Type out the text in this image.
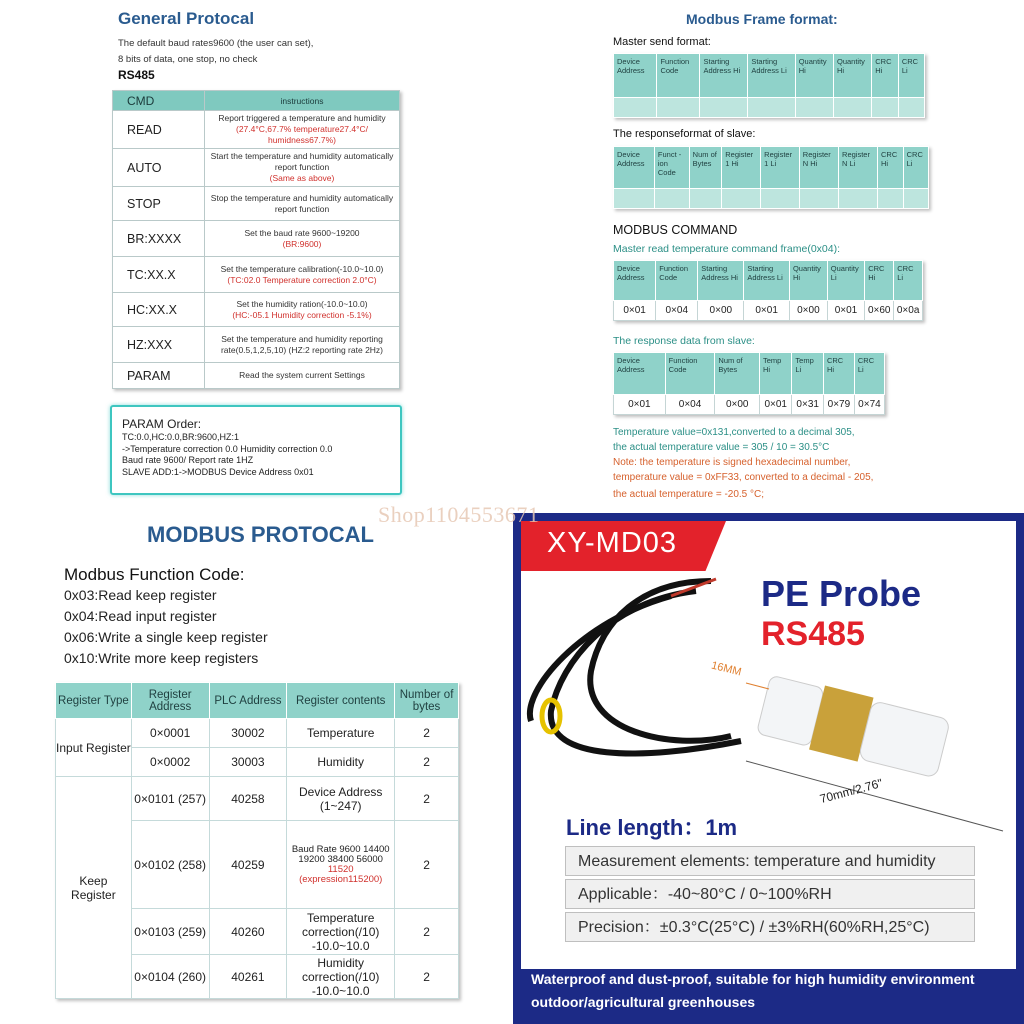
General Protocal
The default baud rates9600 (the user can set),
8 bits of data, one stop, no check
RS485
CMD	instructions
READ	Report triggered a temperature and humidity
(27.4°C,67.7% temperature27.4°C/ humidness67.7%)

AUTO	Start the temperature and humidity automatically report function
(Same as above)

STOP	Stop the temperature and humidity automatically report function
BR:XXXX	Set the baud rate 9600~19200
(BR:9600)

TC:XX.X	Set the temperature calibration(-10.0~10.0)
(TC:02.0 Temperature correction 2.0°C)

HC:XX.X	Set the humidity ration(-10.0~10.0)
(HC:-05.1 Humidity correction -5.1%)

HZ:XXX	Set the temperature and humidity reporting rate(0.5,1,2,5,10) (HZ:2 reporting rate 2Hz)
PARAM	Read the system current Settings
PARAM Order:
TC:0.0,HC:0.0,BR:9600,HZ:1
->Temperature correction 0.0 Humidity correction 0.0
Baud rate 9600/ Report rate 1HZ
SLAVE ADD:1->MODBUS Device Address 0x01
Modbus Frame format:
Master send format:
Device Address	Function Code	Starting Address Hi	Starting Address Li	Quantity Hi	Quantity Hi	CRC Hi	CRC Li

The responseformat of slave:
Device Address	Funct -ion Code	Num of Bytes	Register 1 Hi	Register 1 Li	Register N Hi	Register N Li	CRC Hi	CRC Li

MODBUS COMMAND
Master read temperature command frame(0x04):
Device Address	Function Code	Starting Address Hi	Starting Address Li	Quantity Hi	Quantity Li	CRC Hi	CRC Li
0×01	0×04	0×00	0×01	0×00	0×01	0×60	0×0a
The response data from slave:
Device Address	Function Code	Num of Bytes	Temp Hi	Temp Li	CRC Hi	CRC Li
0×01	0×04	0×00	0×01	0×31	0×79	0×74
Temperature value=0x131,converted to a decimal 305,
the actual temperature value = 305 / 10 = 30.5°C
Note: the temperature is signed hexadecimal number,
temperature value = 0xFF33, converted to a decimal - 205,
the actual temperature = -20.5 °C;
MODBUS PROTOCAL
Modbus Function Code:
0x03:Read keep register
0x04:Read input register
0x06:Write a single keep register
0x10:Write more keep registers
Register Type	Register Address	PLC Address	Register contents	Number of bytes
Input Register	0×0001	30002	Temperature	2
	0×0002	30003	Humidity	2
Keep Register	0×0101 (257)	40258	Device Address (1~247)	2
	0×0102 (258)	40259	Baud Rate 9600 14400 19200 38400 56000
11520 (expression115200)	2
	0×0103 (259)	40260	Temperature correction(/10) -10.0~10.0	2
	0×0104 (260)	40261	Humidity correction(/10) -10.0~10.0	2
XY-MD03
PE Probe
RS485
16MM
70mm/2.76"
Line length：1m
Measurement elements: temperature and humidity
Applicable：-40~80°C / 0~100%RH
Precision：±0.3°C(25°C) / ±3%RH(60%RH,25°C)
Waterproof and dust-proof, suitable for high humidity environment
outdoor/agricultural greenhouses
Shop1104553671
